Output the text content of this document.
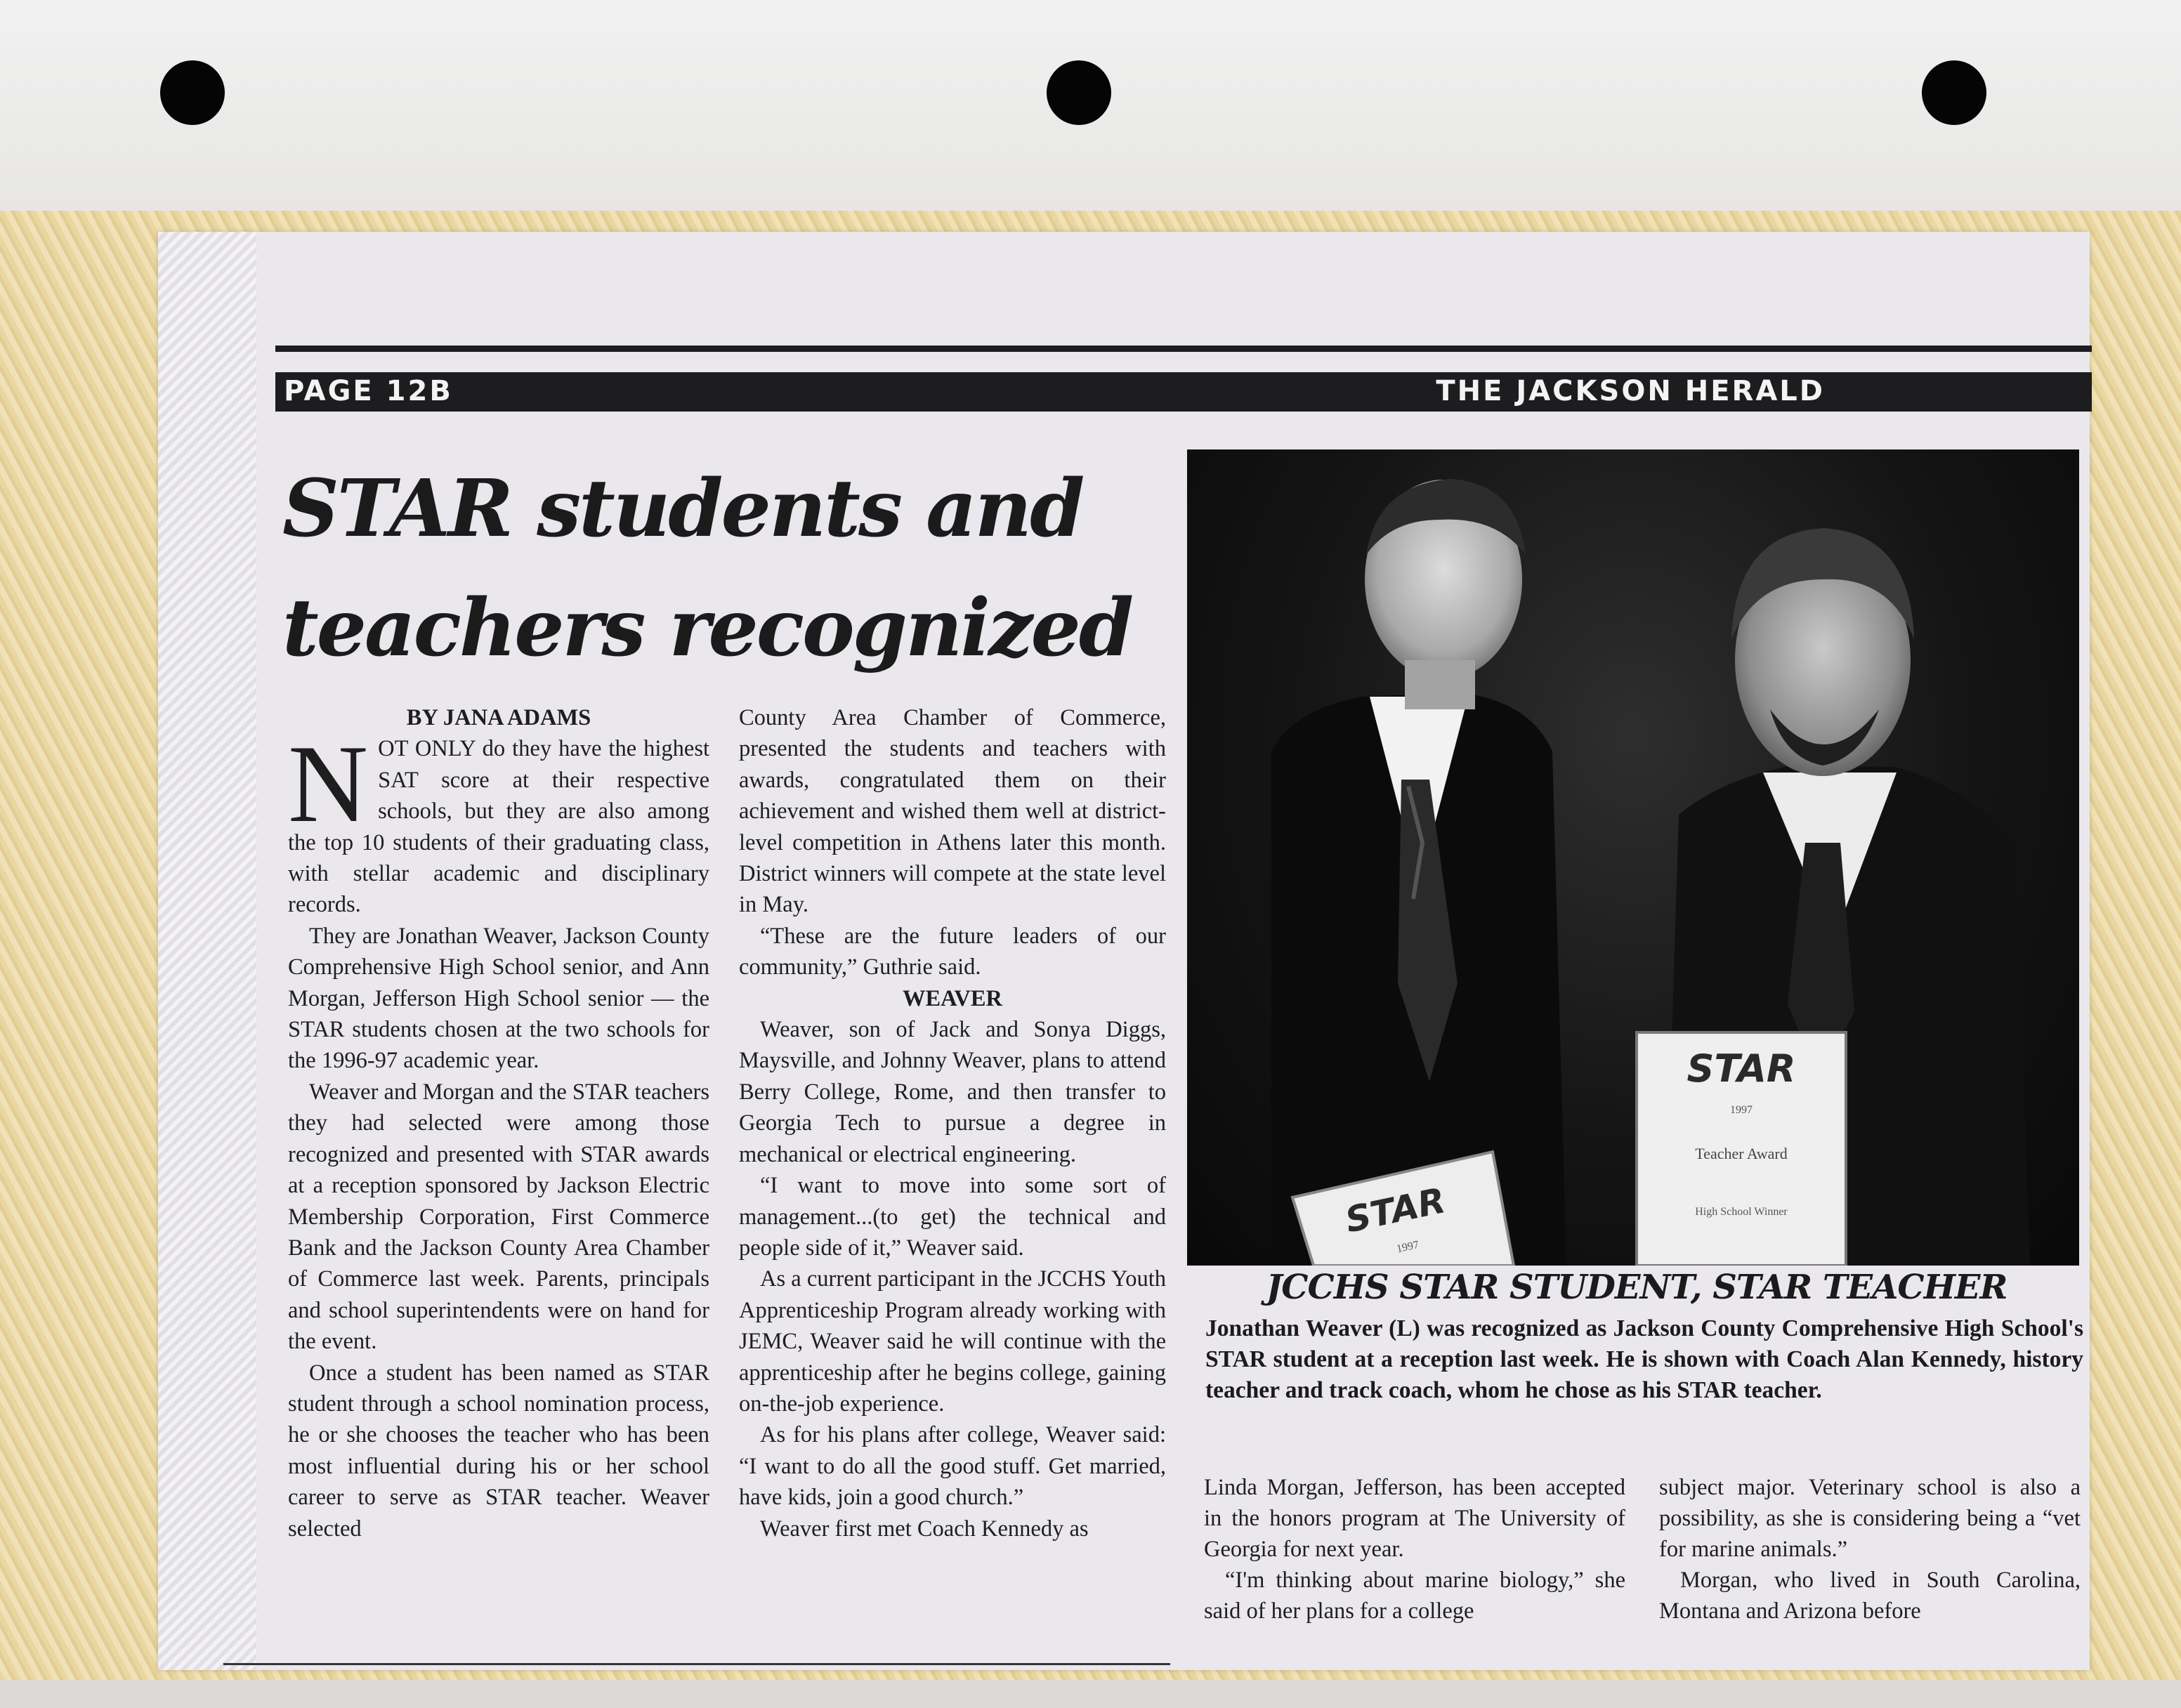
PAGE 12B	THE JACKSON HERALD
STAR students and
teachers recognized

BY JANA ADAMS

NOT ONLY do they have the highest SAT score at their respective schools, but they are also among the top 10 students of their graduating class, with stellar academic and disciplinary records.

They are Jonathan Weaver, Jackson County Comprehensive High School senior, and Ann Morgan, Jefferson High School senior — the STAR students chosen at the two schools for the 1996-97 academic year.

Weaver and Morgan and the STAR teachers they had selected were among those recognized and presented with STAR awards at a reception sponsored by Jackson Electric Membership Corporation, First Commerce Bank and the Jackson County Area Chamber of Commerce last week. Parents, principals and school superintendents were on hand for the event.

Once a student has been named as STAR student through a school nomination process, he or she chooses the teacher who has been most influential during his or her school career to serve as STAR teacher. Weaver selected

County Area Chamber of Commerce, presented the students and teachers with awards, congratulated them on their achievement and wished them well at district-level competition in Athens later this month. District winners will compete at the state level in May.

“These are the future leaders of our community,” Guthrie said.

WEAVER

Weaver, son of Jack and Sonya Diggs, Maysville, and Johnny Weaver, plans to attend Berry College, Rome, and then transfer to Georgia Tech to pursue a degree in mechanical or electrical engineering.

“I want to move into some sort of management...(to get) the technical and people side of it,” Weaver said.

As a current participant in the JCCHS Youth Apprenticeship Program already working with JEMC, Weaver said he will continue with the apprenticeship after he begins college, gaining on-the-job experience.

As for his plans after college, Weaver said: “I want to do all the good stuff. Get married, have kids, join a good church.”

Weaver first met Coach Kennedy as

STAR
1997
Teacher Award
High School Winner
STAR
1997
JCCHS STAR STUDENT, STAR TEACHER

Jonathan Weaver (L) was recognized as Jackson County Comprehensive High School's STAR student at a reception last week. He is shown with Coach Alan Kennedy, history teacher and track coach, whom he chose as his STAR teacher.

Linda Morgan, Jefferson, has been accepted in the honors program at The University of Georgia for next year.

“I'm thinking about marine biology,” she said of her plans for a college

subject major. Veterinary school is also a possibility, as she is considering being a “vet for marine animals.”

Morgan, who lived in South Carolina, Montana and Arizona before
